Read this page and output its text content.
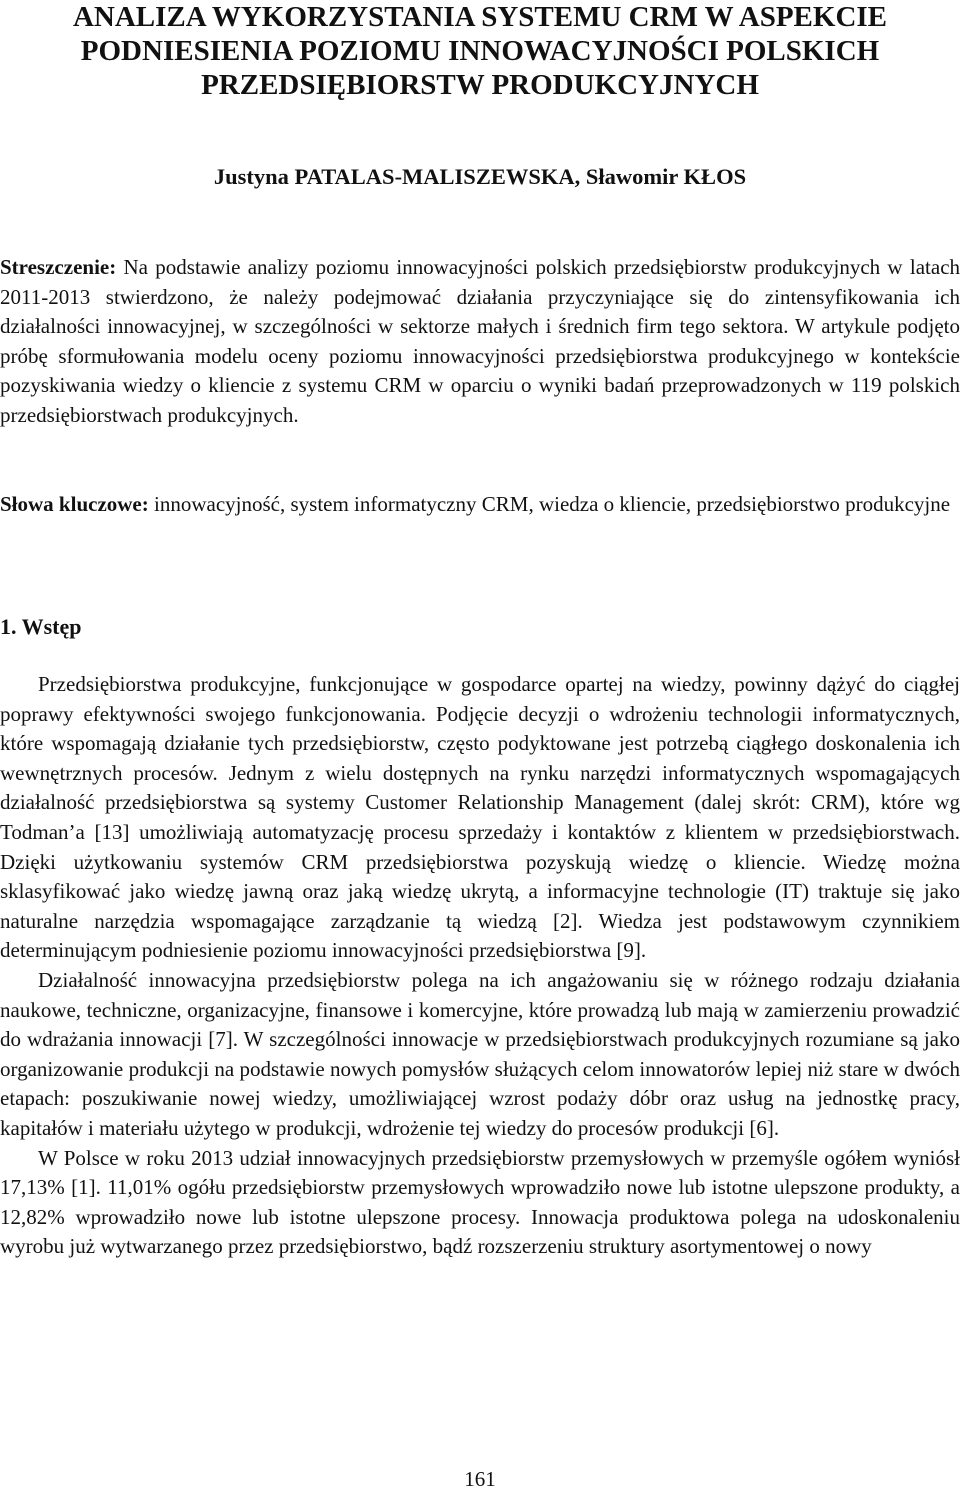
ANALIZA WYKORZYSTANIA SYSTEMU CRM W ASPEKCIE
PODNIESIENIA POZIOMU INNOWACYJNOŚCI POLSKICH
PRZEDSIĘBIORSTW PRODUKCYJNYCH

Justyna PATALAS-MALISZEWSKA, Sławomir KŁOS

Streszczenie: Na podstawie analizy poziomu innowacyjności polskich przedsiębiorstw produkcyjnych w latach 2011-2013 stwierdzono, że należy podejmować działania przyczyniające się do zintensyfikowania ich działalności innowacyjnej, w szczególności w sektorze małych i średnich firm tego sektora. W artykule podjęto próbę sformułowania modelu oceny poziomu innowacyjności przedsiębiorstwa produkcyjnego w kontekście pozyskiwania wiedzy o kliencie z systemu CRM w oparciu o wyniki badań przeprowadzonych w 119 polskich przedsiębiorstwach produkcyjnych.

Słowa kluczowe: innowacyjność, system informatyczny CRM, wiedza o kliencie, przedsiębiorstwo produkcyjne

1. Wstęp

Przedsiębiorstwa produkcyjne, funkcjonujące w gospodarce opartej na wiedzy, powinny dążyć do ciągłej poprawy efektywności swojego funkcjonowania. Podjęcie decyzji o wdrożeniu technologii informatycznych, które wspomagają działanie tych przedsiębiorstw, często podyktowane jest potrzebą ciągłego doskonalenia ich wewnętrznych procesów. Jednym z wielu dostępnych na rynku narzędzi informatycznych wspomagających działalność przedsiębiorstwa są systemy Customer Relationship Management (dalej skrót: CRM), które wg Todman’a [13] umożliwiają automatyzację procesu sprzedaży i kontaktów z klientem w przedsiębiorstwach. Dzięki użytkowaniu systemów CRM przedsiębiorstwa pozyskują wiedzę o kliencie. Wiedzę można sklasyfikować jako wiedzę jawną oraz jaką wiedzę ukrytą, a informacyjne technologie (IT) traktuje się jako naturalne narzędzia wspomagające zarządzanie tą wiedzą [2]. Wiedza jest podstawowym czynnikiem determinującym podniesienie poziomu innowacyjności przedsiębiorstwa [9].

Działalność innowacyjna przedsiębiorstw polega na ich angażowaniu się w różnego rodzaju działania naukowe, techniczne, organizacyjne, finansowe i komercyjne, które prowadzą lub mają w zamierzeniu prowadzić do wdrażania innowacji [7]. W szczególności innowacje w przedsiębiorstwach produkcyjnych rozumiane są jako organizowanie produkcji na podstawie nowych pomysłów służących celom innowatorów lepiej niż stare w dwóch etapach: poszukiwanie nowej wiedzy, umożliwiającej wzrost podaży dóbr oraz usług na jednostkę pracy, kapitałów i materiału użytego w produkcji, wdrożenie tej wiedzy do procesów produkcji [6].

W Polsce w roku 2013 udział innowacyjnych przedsiębiorstw przemysłowych w przemyśle ogółem wyniósł 17,13% [1]. 11,01% ogółu przedsiębiorstw przemysłowych wprowadziło nowe lub istotne ulepszone produkty, a 12,82% wprowadziło nowe lub istotne ulepszone procesy. Innowacja produktowa polega na udoskonaleniu wyrobu już wytwarzanego przez przedsiębiorstwo, bądź rozszerzeniu struktury asortymentowej o nowy

161
